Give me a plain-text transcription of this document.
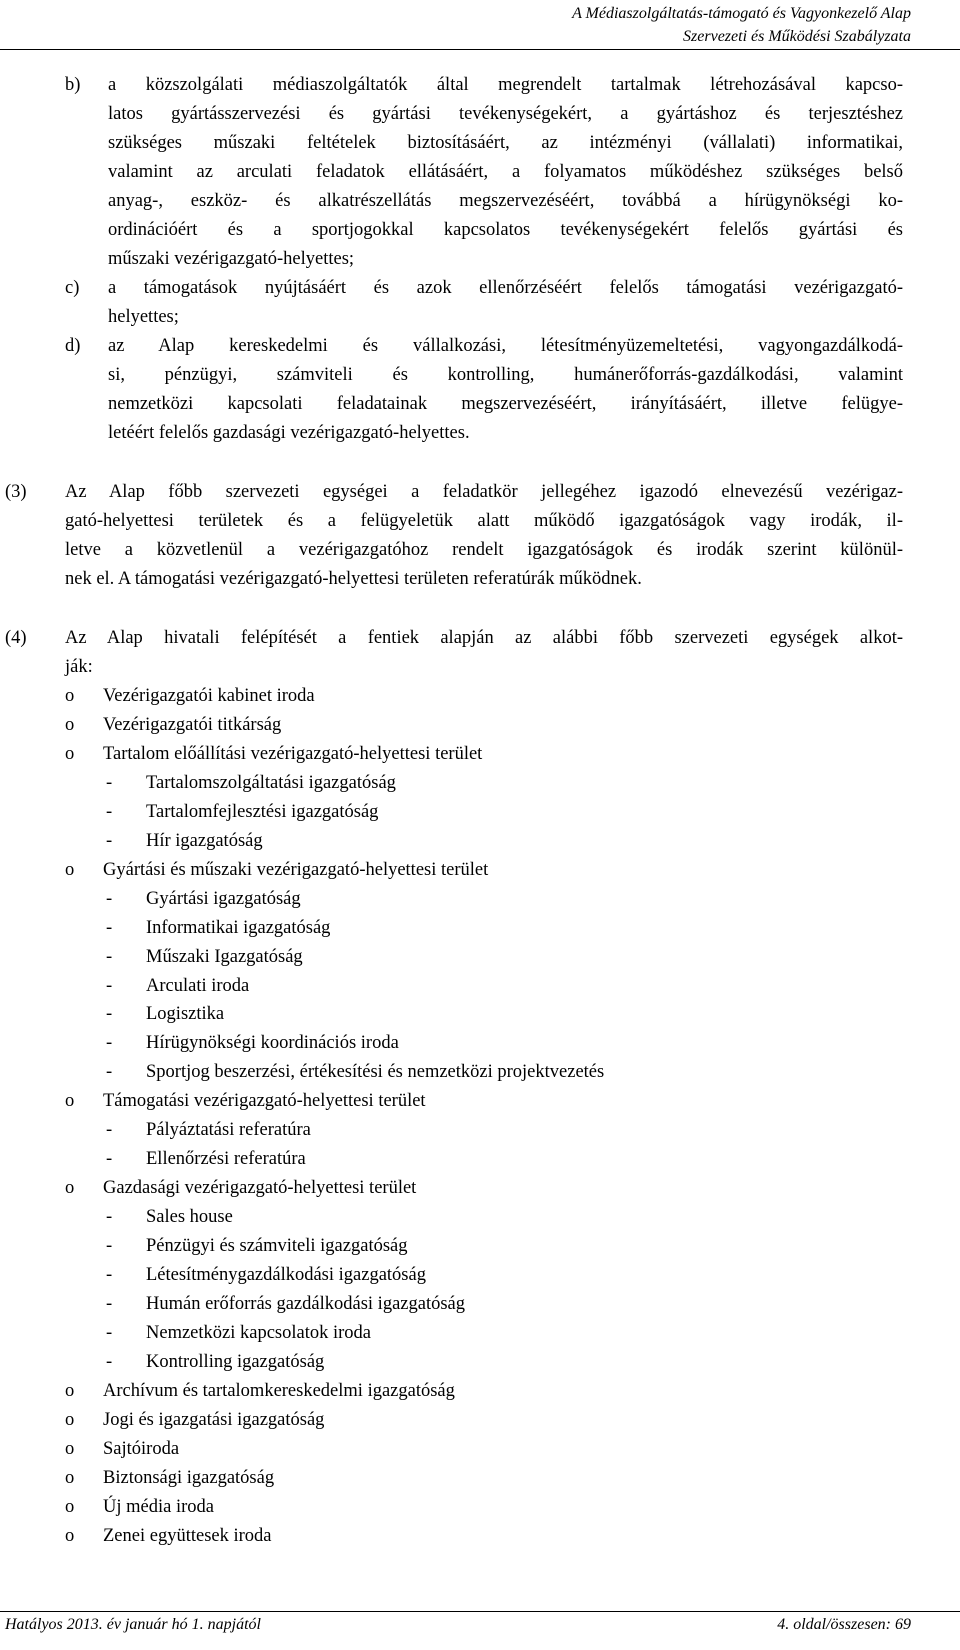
A Médiaszolgáltatás-támogató és Vagyonkezelő Alap
Szervezeti és Működési Szabályzata
b) a közszolgálati médiaszolgáltatók által megrendelt tartalmak létrehozásával kapcso-
latos gyártásszervezési és gyártási tevékenységekért, a gyártáshoz és terjesztéshez
szükséges műszaki feltételek biztosításáért, az intézményi (vállalati) informatikai,
valamint az arculati feladatok ellátásáért, a folyamatos működéshez szükséges belső
anyag-, eszköz- és alkatrészellátás megszervezéséért, továbbá a hírügynökségi ko-
ordinációért és a sportjogokkal kapcsolatos tevékenységekért felelős gyártási és
műszaki vezérigazgató-helyettes;
c) a támogatások nyújtásáért és azok ellenőrzéséért felelős támogatási vezérigazgató-
helyettes;
d) az Alap kereskedelmi és vállalkozási, létesítményüzemeltetési, vagyongazdálkodá-
si, pénzügyi, számviteli és kontrolling, humánerőforrás-gazdálkodási, valamint
nemzetközi kapcsolati feladatainak megszervezéséért, irányításáért, illetve felügye-
letéért felelős gazdasági vezérigazgató-helyettes.
(3) Az Alap főbb szervezeti egységei a feladatkör jellegéhez igazodó elnevezésű vezérigaz-
gató-helyettesi területek és a felügyeletük alatt működő igazgatóságok vagy irodák, il-
letve a közvetlenül a vezérigazgatóhoz rendelt igazgatóságok és irodák szerint különül-
nek el. A támogatási vezérigazgató-helyettesi területen referatúrák működnek.
(4) Az Alap hivatali felépítését a fentiek alapján az alábbi főbb szervezeti egységek alkot-
ják:
o Vezérigazgatói kabinet iroda
o Vezérigazgatói titkárság
o Tartalom előállítási vezérigazgató-helyettesi terület
- Tartalomszolgáltatási igazgatóság
- Tartalomfejlesztési igazgatóság
- Hír igazgatóság
o Gyártási és műszaki vezérigazgató-helyettesi terület
- Gyártási igazgatóság
- Informatikai igazgatóság
- Műszaki Igazgatóság
- Arculati iroda
- Logisztika
- Hírügynökségi koordinációs iroda
- Sportjog beszerzési, értékesítési és nemzetközi projektvezetés
o Támogatási vezérigazgató-helyettesi terület
- Pályáztatási referatúra
- Ellenőrzési referatúra
o Gazdasági vezérigazgató-helyettesi terület
- Sales house
- Pénzügyi és számviteli igazgatóság
- Létesítménygazdálkodási igazgatóság
- Humán erőforrás gazdálkodási igazgatóság
- Nemzetközi kapcsolatok iroda
- Kontrolling igazgatóság
o Archívum és tartalomkereskedelmi igazgatóság
o Jogi és igazgatási igazgatóság
o Sajtóiroda
o Biztonsági igazgatóság
o Új média iroda
o Zenei együttesek iroda
Hatályos 2013. év január hó 1. napjától	4. oldal/összesen: 69
